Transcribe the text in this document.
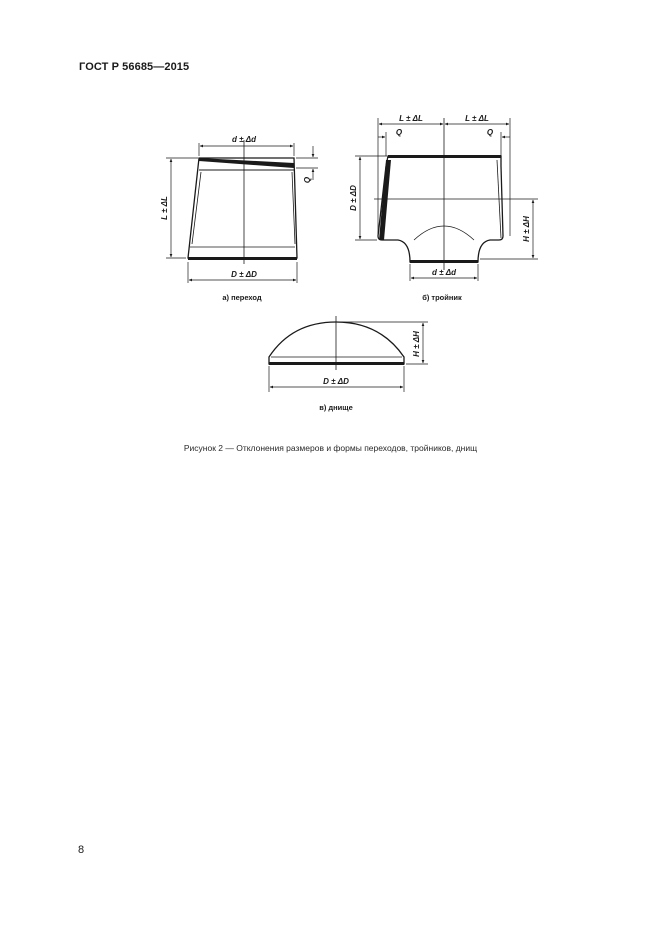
ГОСТ Р 56685—2015
d ± Δd
D ± ΔD
L ± ΔL
Q
а) переход
L ± ΔL	L ± ΔL
Q	Q
D ± ΔD
H ± ΔH
d ± Δd
б) тройник
D ± ΔD
H ± ΔH
в) днище
Рисунок 2 — Отклонения размеров и формы переходов, тройников, днищ
8
